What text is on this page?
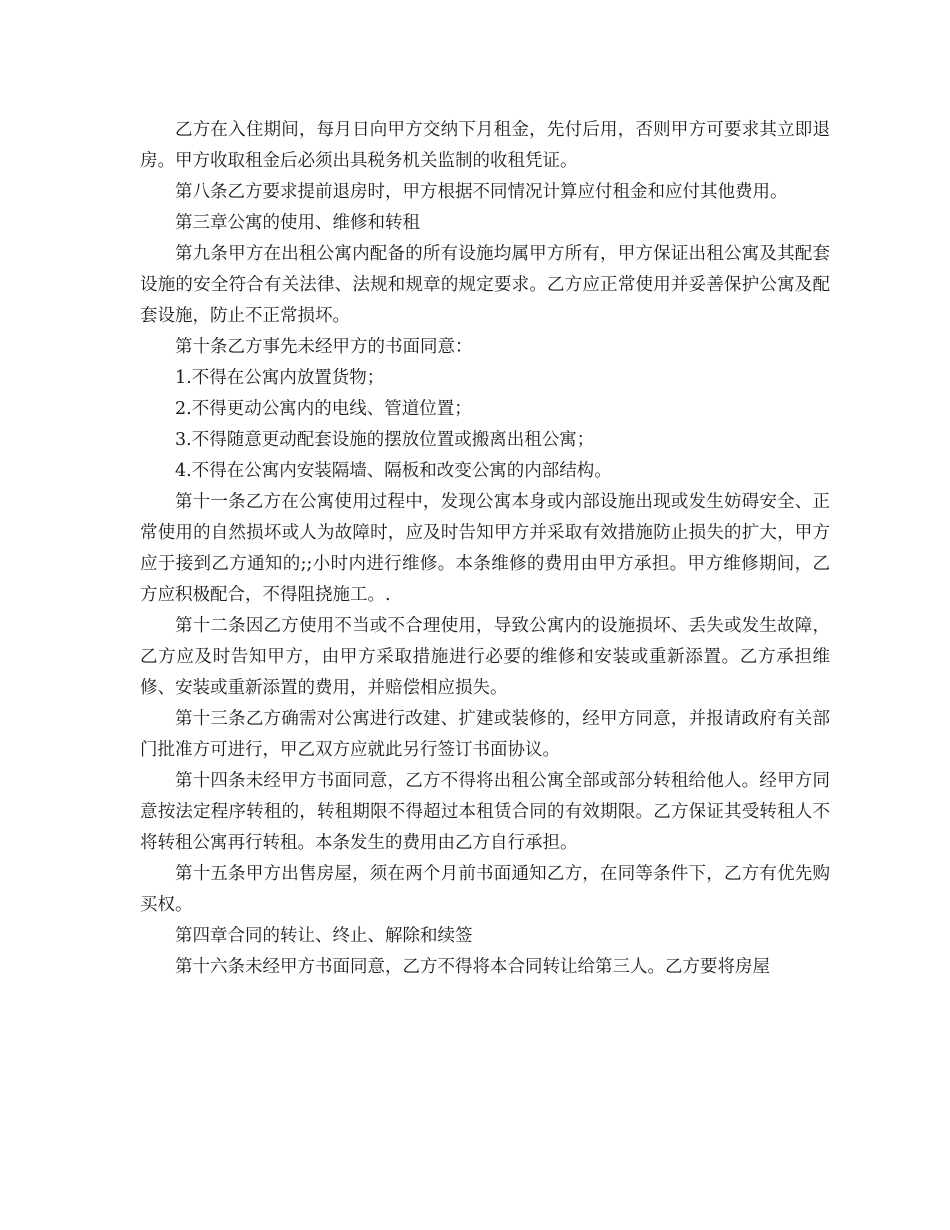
乙方在入住期间，每月日向甲方交纳下月租金，先付后用，否则甲方可要求其立即退房。甲方收取租金后必须出具税务机关监制的收租凭证。

第八条乙方要求提前退房时，甲方根据不同情况计算应付租金和应付其他费用。

第三章公寓的使用、维修和转租

第九条甲方在出租公寓内配备的所有设施均属甲方所有，甲方保证出租公寓及其配套设施的安全符合有关法律、法规和规章的规定要求。乙方应正常使用并妥善保护公寓及配套设施，防止不正常损坏。

第十条乙方事先未经甲方的书面同意：

1.不得在公寓内放置货物；

2.不得更动公寓内的电线、管道位置；

3.不得随意更动配套设施的摆放位置或搬离出租公寓；

4.不得在公寓内安装隔墙、隔板和改变公寓的内部结构。

第十一条乙方在公寓使用过程中，发现公寓本身或内部设施出现或发生妨碍安全、正常使用的自然损坏或人为故障时，应及时告知甲方并采取有效措施防止损失的扩大，甲方应于接到乙方通知的;;小时内进行维修。本条维修的费用由甲方承担。甲方维修期间，乙方应积极配合，不得阻挠施工。.

第十二条因乙方使用不当或不合理使用，导致公寓内的设施损坏、丢失或发生故障，乙方应及时告知甲方，由甲方采取措施进行必要的维修和安装或重新添置。乙方承担维修、安装或重新添置的费用，并赔偿相应损失。

第十三条乙方确需对公寓进行改建、扩建或装修的，经甲方同意，并报请政府有关部门批准方可进行，甲乙双方应就此另行签订书面协议。

第十四条未经甲方书面同意，乙方不得将出租公寓全部或部分转租给他人。经甲方同意按法定程序转租的，转租期限不得超过本租赁合同的有效期限。乙方保证其受转租人不将转租公寓再行转租。本条发生的费用由乙方自行承担。

第十五条甲方出售房屋，须在两个月前书面通知乙方，在同等条件下，乙方有优先购买权。

第四章合同的转让、终止、解除和续签

第十六条未经甲方书面同意，乙方不得将本合同转让给第三人。乙方要将房屋
